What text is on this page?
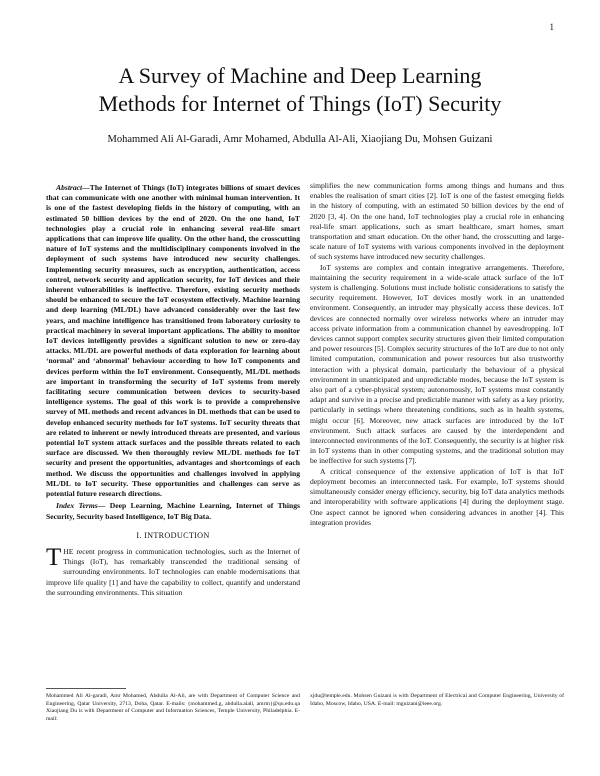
1
A Survey of Machine and Deep Learning
Methods for Internet of Things (IoT) Security
Mohammed Ali Al-Garadi, Amr Mohamed, Abdulla Al-Ali, Xiaojiang Du, Mohsen Guizani

Abstract—The Internet of Things (IoT) integrates billions of smart devices that can communicate with one another with minimal human intervention. It is one of the fastest developing fields in the history of computing, with an estimated 50 billion devices by the end of 2020. On the one hand, IoT technologies play a crucial role in enhancing several real-life smart applications that can improve life quality. On the other hand, the crosscutting nature of IoT systems and the multidisciplinary components involved in the deployment of such systems have introduced new security challenges. Implementing security measures, such as encryption, authentication, access control, network security and application security, for IoT devices and their inherent vulnerabilities is ineffective. Therefore, existing security methods should be enhanced to secure the IoT ecosystem effectively. Machine learning and deep learning (ML/DL) have advanced considerably over the last few years, and machine intelligence has transitioned from laboratory curiosity to practical machinery in several important applications. The ability to monitor IoT devices intelligently provides a significant solution to new or zero-day attacks. ML/DL are powerful methods of data exploration for learning about ‘normal’ and ‘abnormal’ behaviour according to how IoT components and devices perform within the IoT environment. Consequently, ML/DL methods are important in transforming the security of IoT systems from merely facilitating secure communication between devices to security-based intelligence systems. The goal of this work is to provide a comprehensive survey of ML methods and recent advances in DL methods that can be used to develop enhanced security methods for IoT systems. IoT security threats that are related to inherent or newly introduced threats are presented, and various potential IoT system attack surfaces and the possible threats related to each surface are discussed. We then thoroughly review ML/DL methods for IoT security and present the opportunities, advantages and shortcomings of each method. We discuss the opportunities and challenges involved in applying ML/DL to IoT security. These opportunities and challenges can serve as potential future research directions.

Index Terms— Deep Learning, Machine Learning, Internet of Things Security, Security based Intelligence, IoT Big Data.

I. INTRODUCTION

THE recent progress in communication technologies, such as the Internet of Things (IoT), has remarkably transcended the traditional sensing of surrounding environments. IoT technologies can enable modernisations that improve life quality [1] and have the capability to collect, quantify and understand the surrounding environments. This situation

simplifies the new communication forms among things and humans and thus enables the realisation of smart cities [2]. IoT is one of the fastest emerging fields in the history of computing, with an estimated 50 billion devices by the end of 2020 [3, 4]. On the one hand, IoT technologies play a crucial role in enhancing real-life smart applications, such as smart healthcare, smart homes, smart transportation and smart education. On the other hand, the crosscutting and large-scale nature of IoT systems with various components involved in the deployment of such systems have introduced new security challenges.

IoT systems are complex and contain integrative arrangements. Therefore, maintaining the security requirement in a wide-scale attack surface of the IoT system is challenging. Solutions must include holistic considerations to satisfy the security requirement. However, IoT devices mostly work in an unattended environment. Consequently, an intruder may physically access these devices. IoT devices are connected normally over wireless networks where an intruder may access private information from a communication channel by eavesdropping. IoT devices cannot support complex security structures given their limited computation and power resources [5]. Complex security structures of the IoT are due to not only limited computation, communication and power resources but also trustworthy interaction with a physical domain, particularly the behaviour of a physical environment in unanticipated and unpredictable modes, because the IoT system is also part of a cyber-physical system; autonomously, IoT systems must constantly adapt and survive in a precise and predictable manner with safety as a key priority, particularly in settings where threatening conditions, such as in health systems, might occur [6]. Moreover, new attack surfaces are introduced by the IoT environment. Such attack surfaces are caused by the interdependent and interconnected environments of the IoT. Consequently, the security is at higher risk in IoT systems than in other computing systems, and the traditional solution may be ineffective for such systems [7].

A critical consequence of the extensive application of IoT is that IoT deployment becomes an interconnected task. For example, IoT systems should simultaneously consider energy efficiency, security, big IoT data analytics methods and interoperability with software applications [4] during the deployment stage. One aspect cannot be ignored when considering advances in another [4]. This integration provides

Mohammed Ali Al-garadi, Amr Mohamed, Abdulla Al-Ali, are with Department of Computer Science and Engineering, Qatar University, 2713, Doha, Qatar. E-mails: {mohammed.g, abdulla.alali, amrm}@qu.edu.qa Xiaojiang Du is with Department of Computer and Information Sciences, Temple University, Philadelphia. E-mail:
xjdu@temple.edu. Mohsen Guizani is with Department of Electrical and Computer Engineering, University of Idaho, Moscow, Idaho, USA. E-mail: mguizani@ieee.org.
